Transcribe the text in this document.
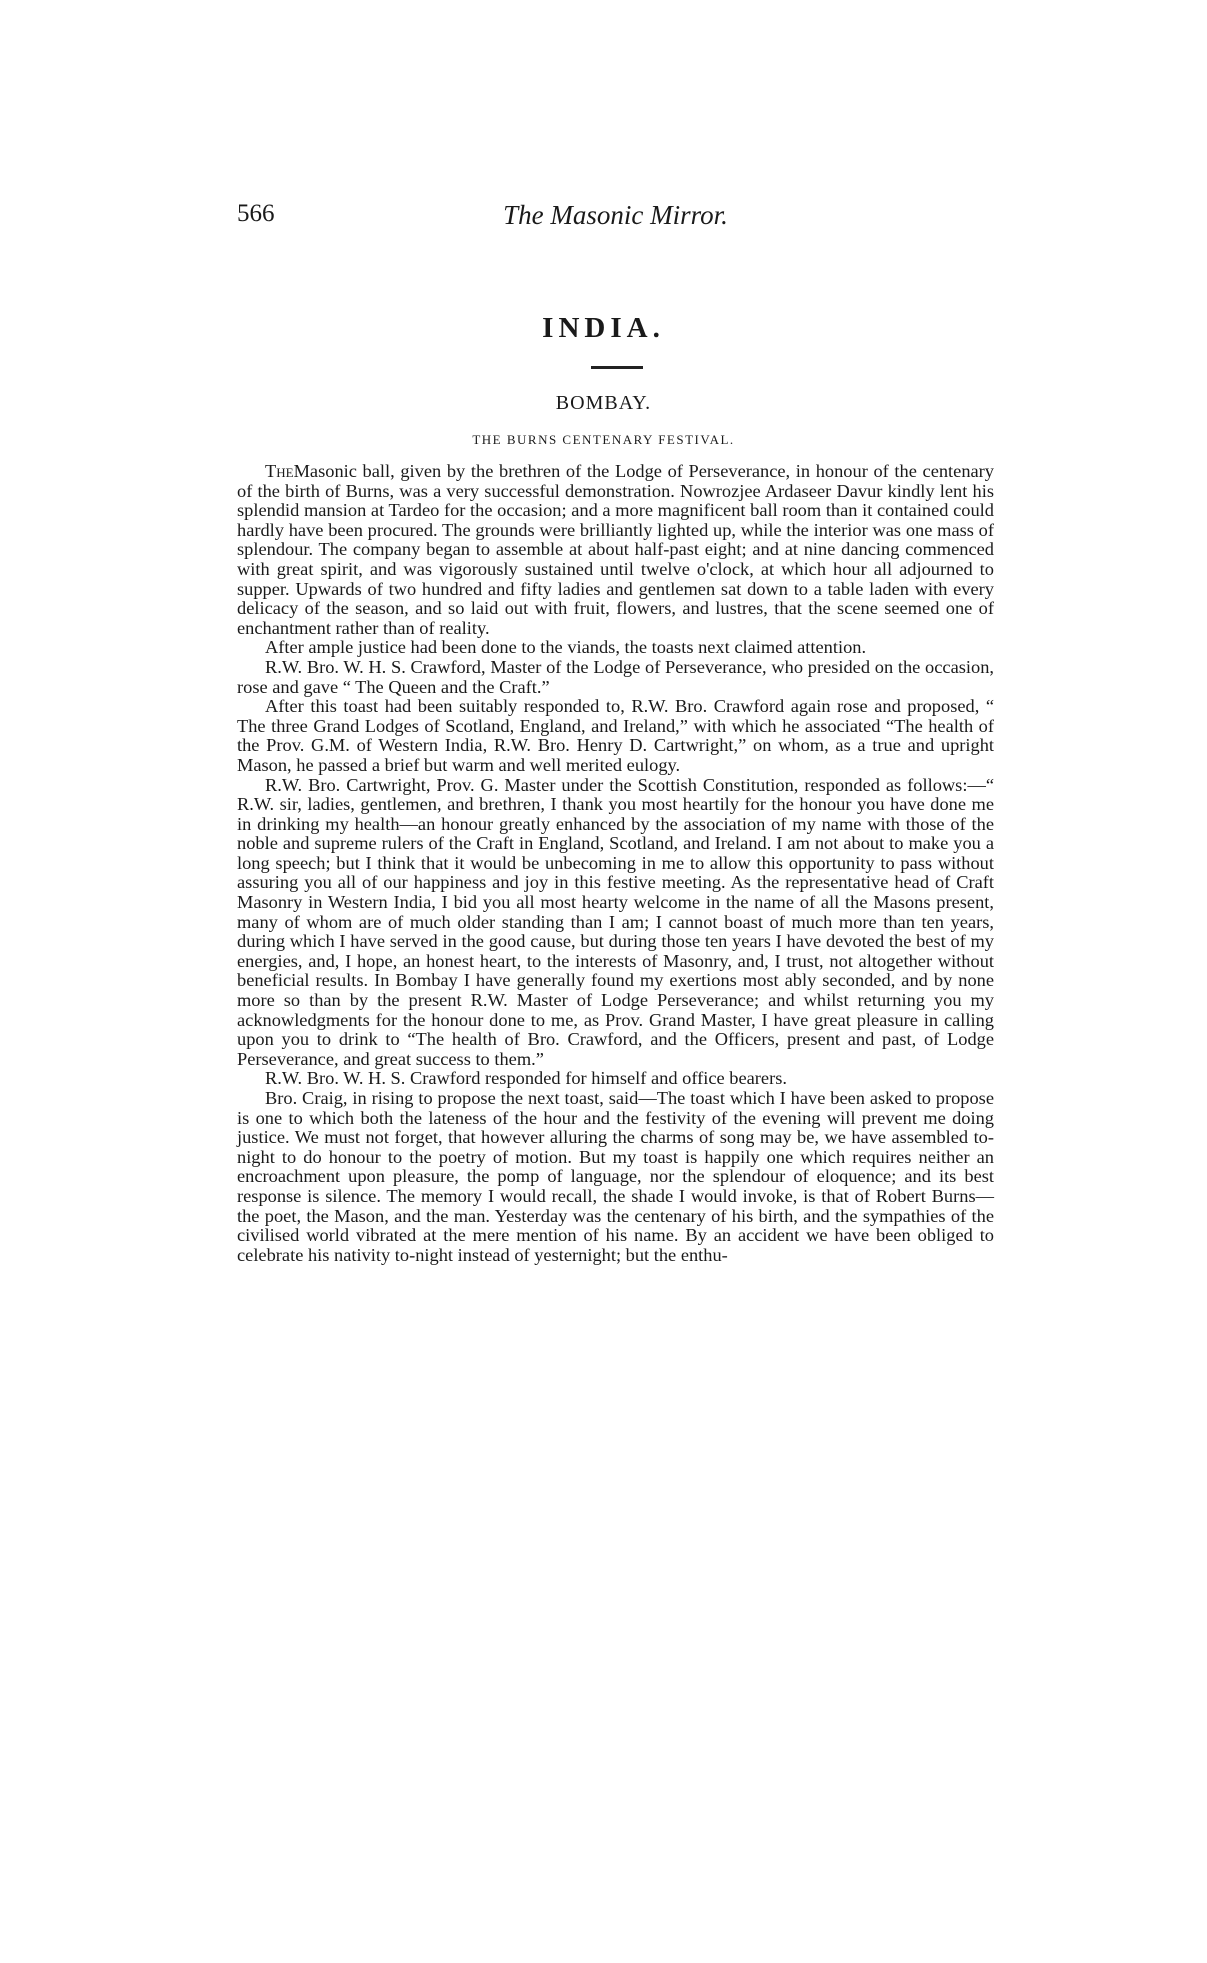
566	The Masonic Mirror.
INDIA.
BOMBAY.
THE BURNS CENTENARY FESTIVAL.

TheMasonic ball, given by the brethren of the Lodge of Perseverance, in honour of the centenary of the birth of Burns, was a very successful demonstration. Nowrozjee Ardaseer Davur kindly lent his splendid mansion at Tardeo for the occasion; and a more magnificent ball room than it contained could hardly have been procured. The grounds were brilliantly lighted up, while the interior was one mass of splendour. The company began to assemble at about half-past eight; and at nine dancing commenced with great spirit, and was vigorously sustained until twelve o'clock, at which hour all adjourned to supper. Upwards of two hundred and fifty ladies and gentlemen sat down to a table laden with every delicacy of the season, and so laid out with fruit, flowers, and lustres, that the scene seemed one of enchantment rather than of reality.

After ample justice had been done to the viands, the toasts next claimed attention.

R.W. Bro. W. H. S. Crawford, Master of the Lodge of Perseverance, who presided on the occasion, rose and gave “ The Queen and the Craft.”

After this toast had been suitably responded to, R.W. Bro. Crawford again rose and proposed, “ The three Grand Lodges of Scotland, England, and Ireland,” with which he associated “The health of the Prov. G.M. of Western India, R.W. Bro. Henry D. Cartwright,” on whom, as a true and upright Mason, he passed a brief but warm and well merited eulogy.

R.W. Bro. Cartwright, Prov. G. Master under the Scottish Constitution, responded as follows:—“ R.W. sir, ladies, gentlemen, and brethren, I thank you most heartily for the honour you have done me in drinking my health—an honour greatly enhanced by the association of my name with those of the noble and supreme rulers of the Craft in England, Scotland, and Ireland. I am not about to make you a long speech; but I think that it would be unbecoming in me to allow this opportunity to pass without assuring you all of our happiness and joy in this festive meeting. As the representative head of Craft Masonry in Western India, I bid you all most hearty welcome in the name of all the Masons present, many of whom are of much older standing than I am; I cannot boast of much more than ten years, during which I have served in the good cause, but during those ten years I have devoted the best of my energies, and, I hope, an honest heart, to the interests of Masonry, and, I trust, not altogether without beneficial results. In Bombay I have generally found my exertions most ably seconded, and by none more so than by the present R.W. Master of Lodge Perseverance; and whilst returning you my acknowledgments for the honour done to me, as Prov. Grand Master, I have great pleasure in calling upon you to drink to “The health of Bro. Crawford, and the Officers, present and past, of Lodge Perseverance, and great success to them.”

R.W. Bro. W. H. S. Crawford responded for himself and office bearers.

Bro. Craig, in rising to propose the next toast, said—The toast which I have been asked to propose is one to which both the lateness of the hour and the festivity of the evening will prevent me doing justice. We must not forget, that however alluring the charms of song may be, we have assembled to-night to do honour to the poetry of motion. But my toast is happily one which requires neither an encroachment upon pleasure, the pomp of language, nor the splendour of eloquence; and its best response is silence. The memory I would recall, the shade I would invoke, is that of Robert Burns—the poet, the Mason, and the man. Yesterday was the centenary of his birth, and the sympathies of the civilised world vibrated at the mere mention of his name. By an accident we have been obliged to celebrate his nativity to-night instead of yesternight; but the enthu-
